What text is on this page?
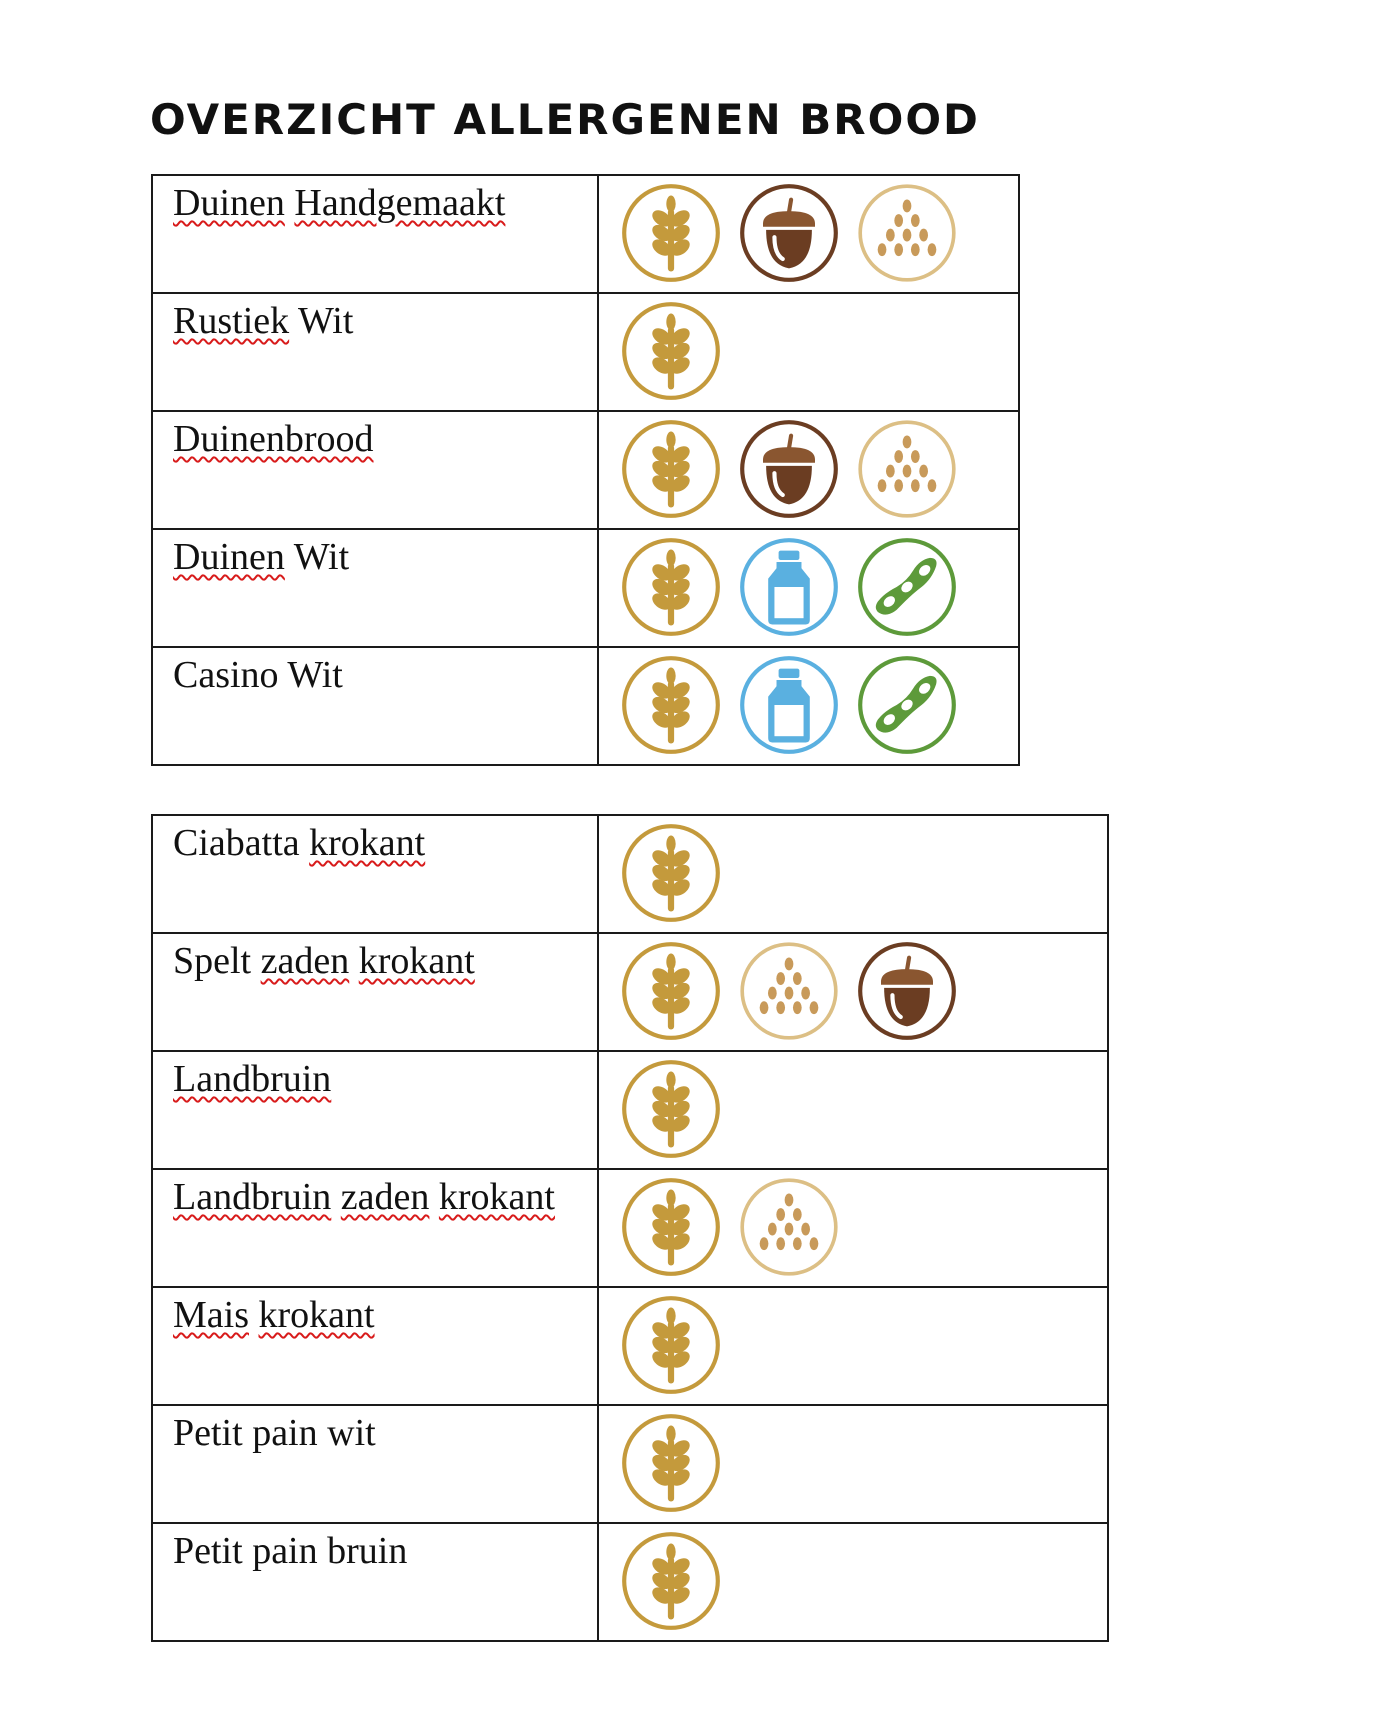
OVERZICHT ALLERGENEN BROOD
Duinen Handgemaakt	

Rustiek Wit	

Duinenbrood	

Duinen Wit	

Casino Wit	
Ciabatta krokant	

Spelt zaden krokant	

Landbruin	

Landbruin zaden krokant	

Mais krokant	

Petit pain wit	

Petit pain bruin	
